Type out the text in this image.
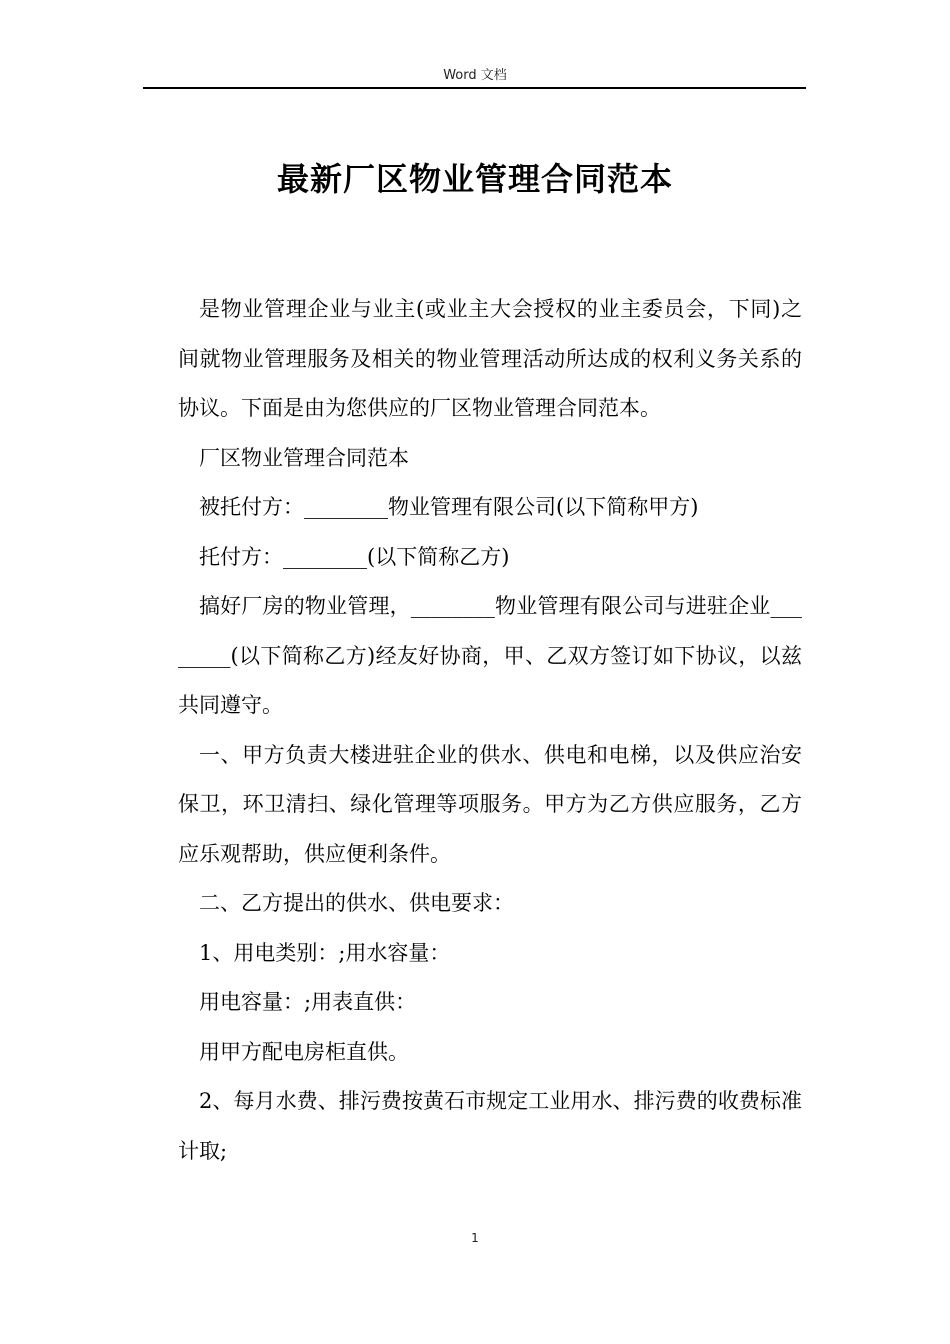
Word 文档
最新厂区物业管理合同范本

是物业管理企业与业主(或业主大会授权的业主委员会，下同)之间就物业管理服务及相关的物业管理活动所达成的权利义务关系的协议。下面是由为您供应的厂区物业管理合同范本。

厂区物业管理合同范本

被托付方：________物业管理有限公司(以下简称甲方)

托付方：________(以下简称乙方)

搞好厂房的物业管理，________物业管理有限公司与进驻企业________(以下简称乙方)经友好协商，甲、乙双方签订如下协议，以兹共同遵守。

一、甲方负责大楼进驻企业的供水、供电和电梯，以及供应治安保卫，环卫清扫、绿化管理等项服务。甲方为乙方供应服务，乙方应乐观帮助，供应便利条件。

二、乙方提出的供水、供电要求：

1、用电类别：;用水容量：

用电容量：;用表直供：

用甲方配电房柜直供。

2、每月水费、排污费按黄石市规定工业用水、排污费的收费标准计取;

1
